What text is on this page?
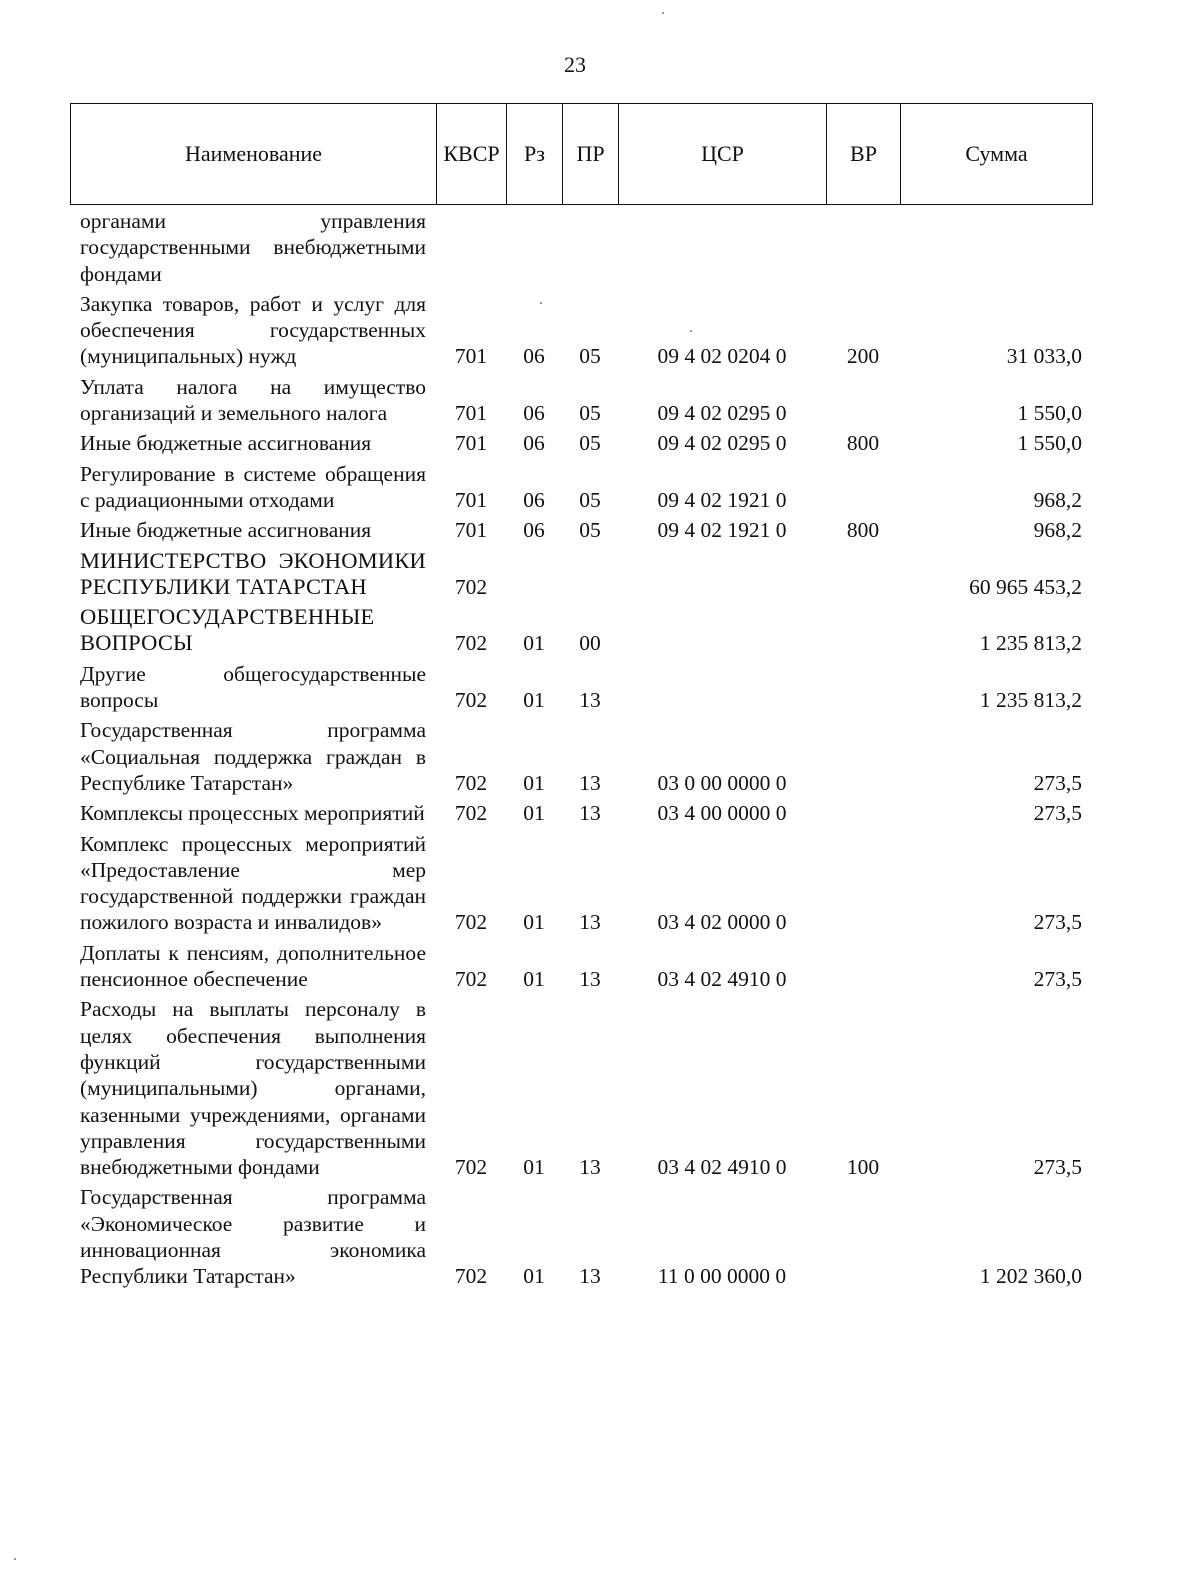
23
Наименование	КВСР	Рз	ПР	ЦСР	ВР	Сумма
органами управления государственными внебюджетными фондами						
Закупка товаров, работ и услуг для обеспечения государственных (муниципальных) нужд	701	06	05	09 4 02 0204 0	200	31 033,0
Уплата налога на имущество организаций и земельного налога	701	06	05	09 4 02 0295 0		1 550,0
Иные бюджетные ассигнования	701	06	05	09 4 02 0295 0	800	1 550,0
Регулирование в системе обращения с радиационными отходами	701	06	05	09 4 02 1921 0		968,2
Иные бюджетные ассигнования	701	06	05	09 4 02 1921 0	800	968,2
МИНИСТЕРСТВО ЭКОНОМИКИ РЕСПУБЛИКИ ТАТАРСТАН	702					60 965 453,2
ОБЩЕГОСУДАРСТВЕННЫЕ ВОПРОСЫ	702	01	00			1 235 813,2
Другие общегосударственные вопросы	702	01	13			1 235 813,2
Государственная программа «Социальная поддержка граждан в Республике Татарстан»	702	01	13	03 0 00 0000 0		273,5
Комплексы процессных мероприятий	702	01	13	03 4 00 0000 0		273,5
Комплекс процессных мероприятий «Предоставление мер государственной поддержки граждан пожилого возраста и инвалидов»	702	01	13	03 4 02 0000 0		273,5
Доплаты к пенсиям, дополнительное пенсионное обеспечение	702	01	13	03 4 02 4910 0		273,5
Расходы на выплаты персоналу в целях обеспечения выполнения функций государственными (муниципальными) органами, казенными учреждениями, органами управления государственными внебюджетными фондами	702	01	13	03 4 02 4910 0	100	273,5
Государственная программа «Экономическое развитие и инновационная экономика Республики Татарстан»	702	01	13	11 0 00 0000 0		1 202 360,0
